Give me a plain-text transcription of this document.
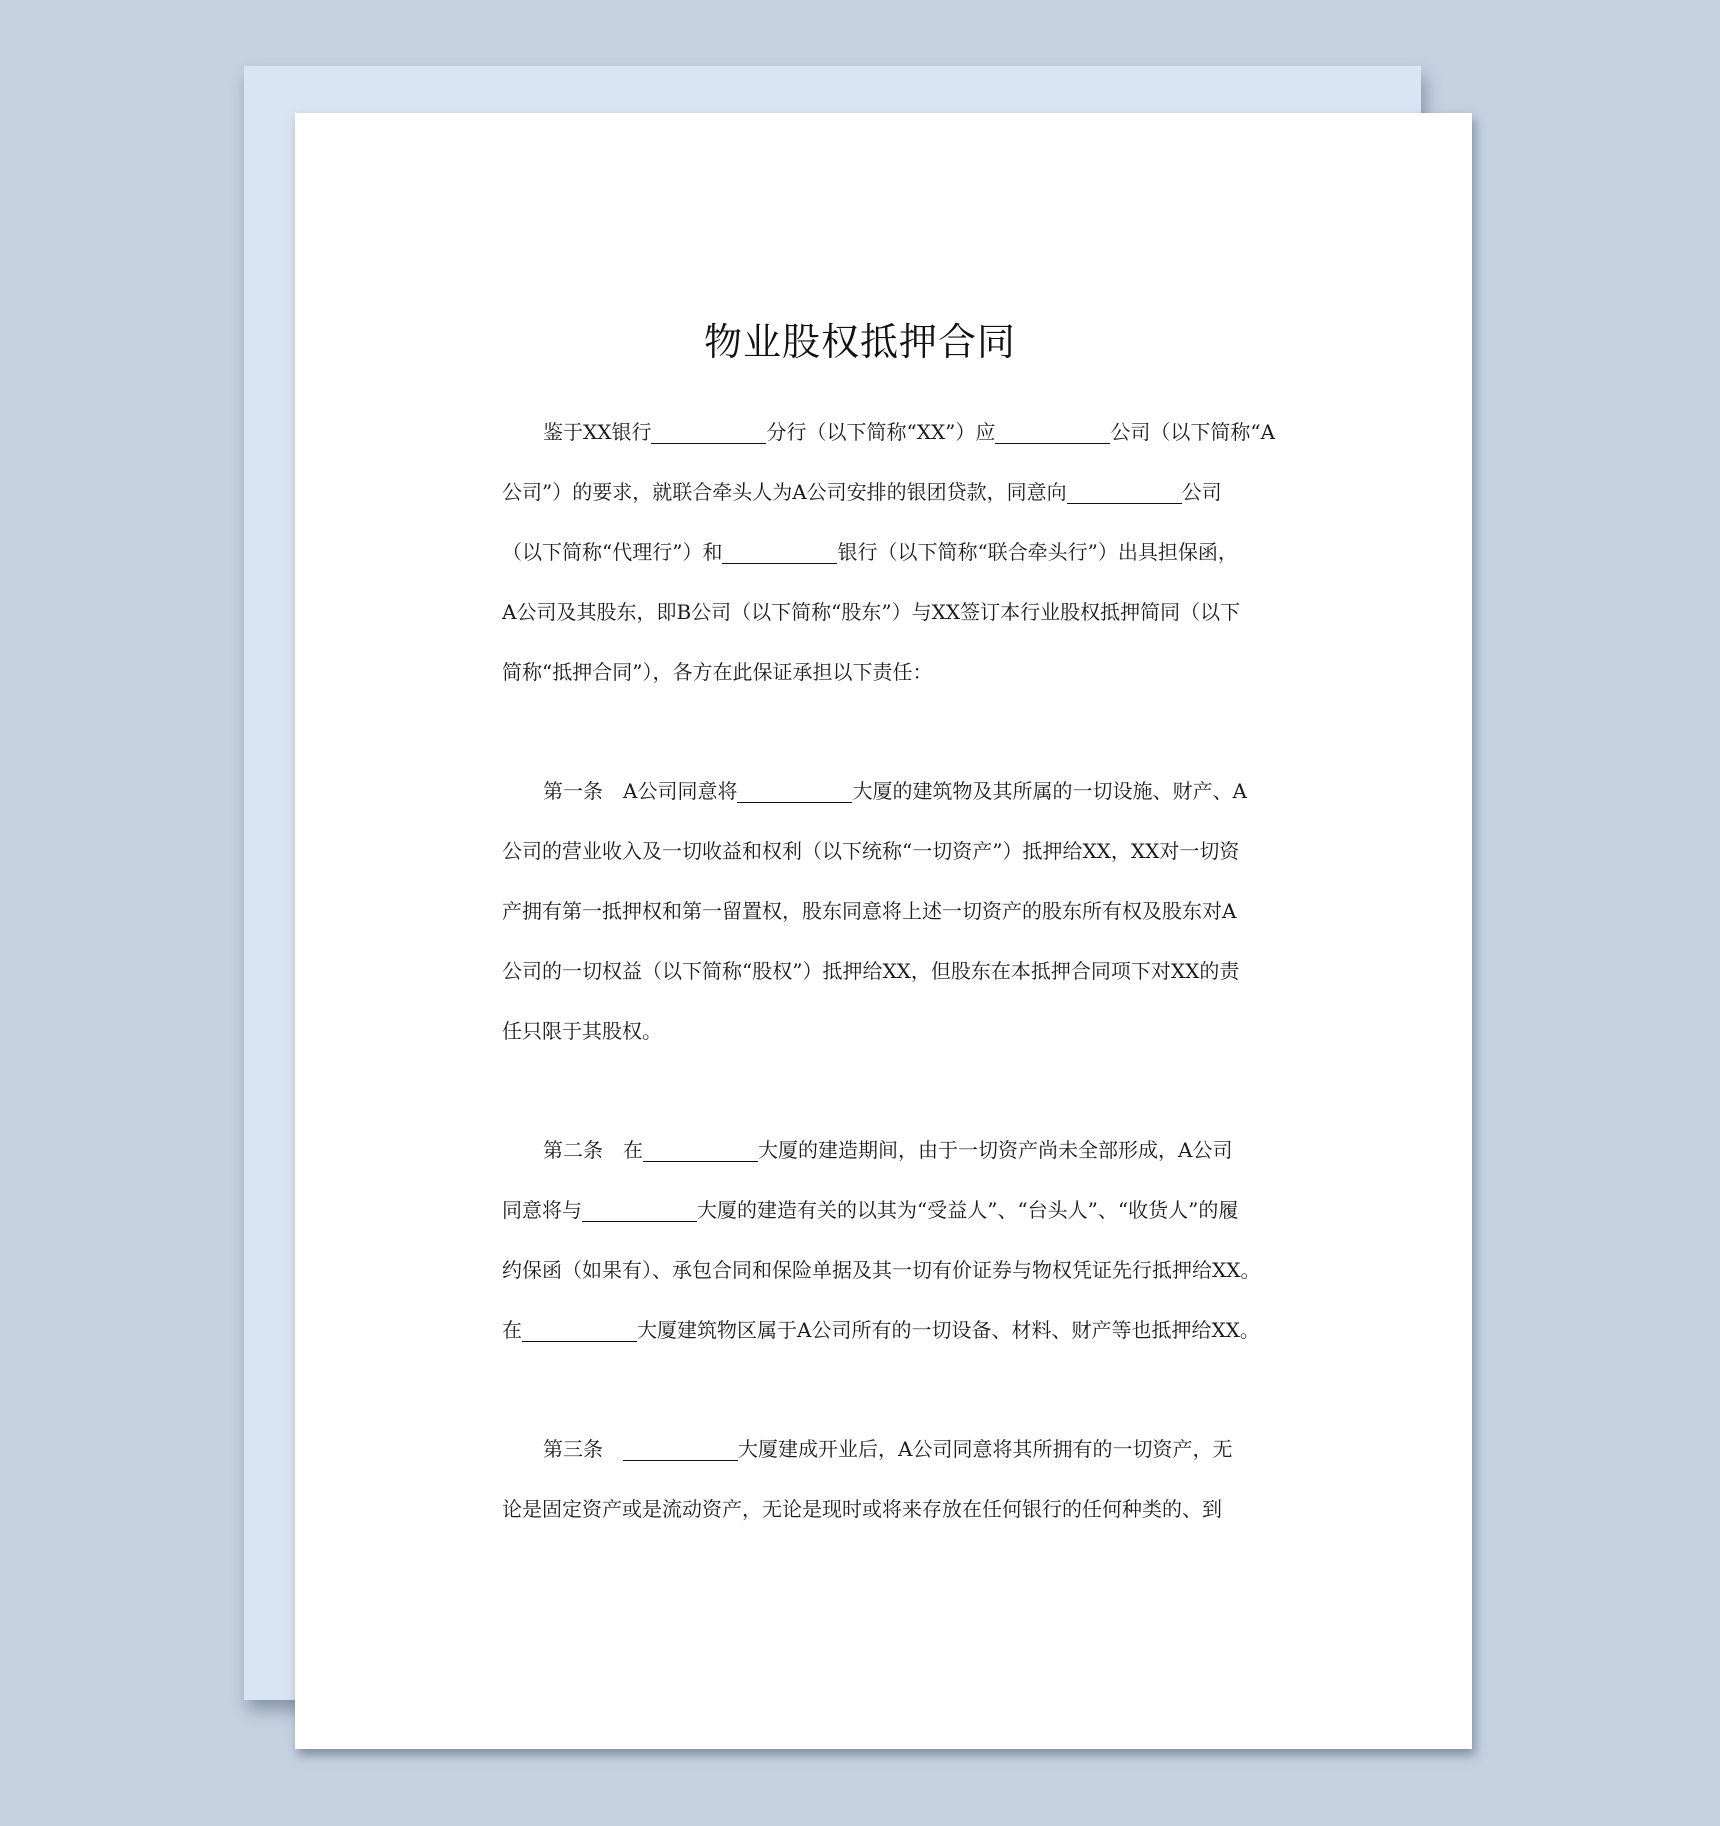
物业股权抵押合同
鉴于XX银行	分行（以下简称“XX”）应	公司（以下简称“A
公司”）的要求，就联合牵头人为A公司安排的银团贷款，同意向	公司
（以下简称“代理行”）和	银行（以下简称“联合牵头行”）出具担保函，
A公司及其股东，即B公司（以下简称“股东”）与XX签订本行业股权抵押简同（以下
简称“抵押合同”），各方在此保证承担以下责任：
第一条 A公司同意将	大厦的建筑物及其所属的一切设施、财产、A
公司的营业收入及一切收益和权利（以下统称“一切资产”）抵押给XX，XX对一切资
产拥有第一抵押权和第一留置权，股东同意将上述一切资产的股东所有权及股东对A
公司的一切权益（以下简称“股权”）抵押给XX，但股东在本抵押合同项下对XX的责
任只限于其股权。
第二条 在	大厦的建造期间，由于一切资产尚未全部形成，A公司
同意将与	大厦的建造有关的以其为“受益人”、“台头人”、“收货人”的履
约保函（如果有）、承包合同和保险单据及其一切有价证券与物权凭证先行抵押给XX。
在	大厦建筑物区属于A公司所有的一切设备、材料、财产等也抵押给XX。
第三条	大厦建成开业后，A公司同意将其所拥有的一切资产，无
论是固定资产或是流动资产，无论是现时或将来存放在任何银行的任何种类的、到
